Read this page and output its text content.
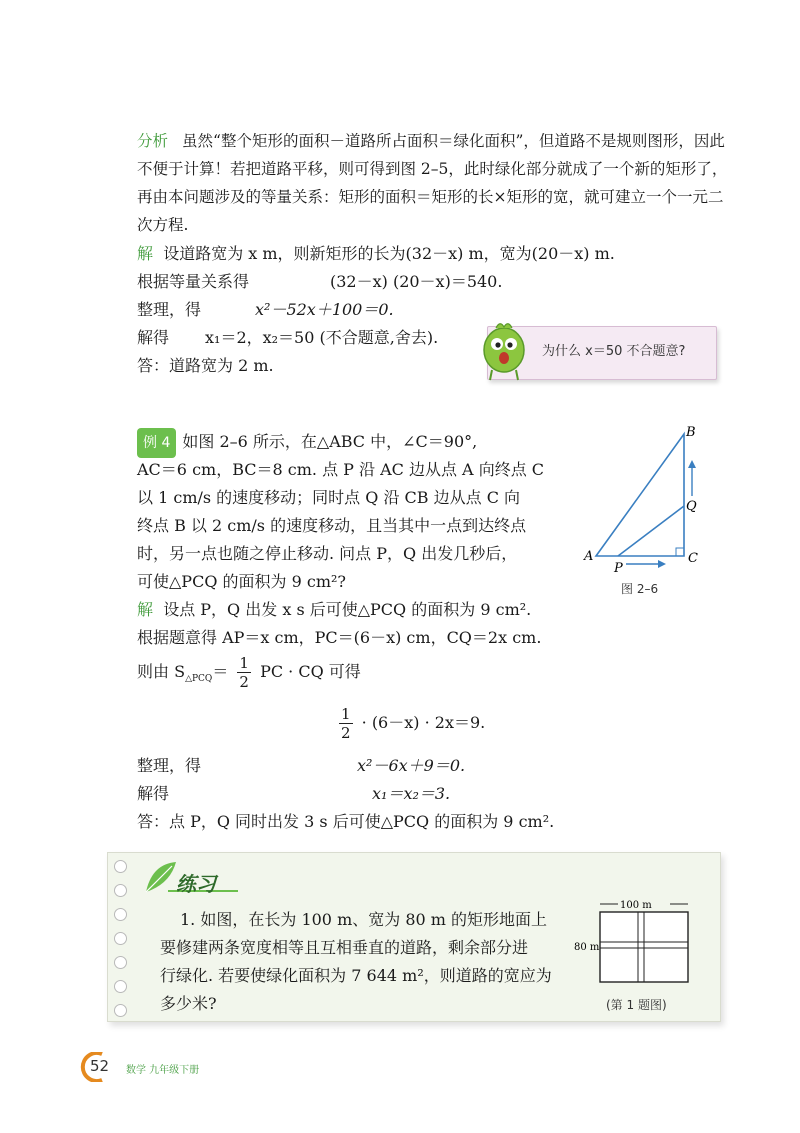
分析 虽然“整个矩形的面积－道路所占面积＝绿化面积”，但道路不是规则图形，因此不便于计算！若把道路平移，则可得到图 2–5，此时绿化部分就成了一个新的矩形了，再由本问题涉及的等量关系：矩形的面积＝矩形的长×矩形的宽，就可建立一个一元二次方程.
解 设道路宽为 x m，则新矩形的长为(32－x) m，宽为(20－x) m.
根据等量关系得	(32－x) (20－x)＝540.
整理，得	x²－52x＋100＝0.
解得 x₁＝2，x₂＝50 (不合题意,舍去).
答：道路宽为 2 m.
为什么 x＝50 不合题意?
例 4 如图 2–6 所示，在△ABC 中，∠C＝90°,
AC＝6 cm，BC＝8 cm. 点 P 沿 AC 边从点 A 向终点 C
以 1 cm/s 的速度移动；同时点 Q 沿 CB 边从点 C 向
终点 B 以 2 cm/s 的速度移动，且当其中一点到达终点
时，另一点也随之停止移动. 问点 P，Q 出发几秒后，
可使△PCQ 的面积为 9 cm²?
A	C
B
Q
P
图 2–6
解 设点 P，Q 出发 x s 后可使△PCQ 的面积为 9 cm².
根据题意得 AP＝x cm，PC＝(6－x) cm，CQ＝2x cm.
则由 $S_{\triangle PCQ}= \frac{1}{2}$ PC · CQ 可得
$\frac{1}{2} \cdot (6-x) \cdot 2x=9$.
整理，得	x²－6x＋9＝0.
解得	x₁＝x₂＝3.
答：点 P，Q 同时出发 3 s 后可使△PCQ 的面积为 9 cm².
练习
1. 如图，在长为 100 m、宽为 80 m 的矩形地面上
要修建两条宽度相等且互相垂直的道路，剩余部分进
行绿化. 若要使绿化面积为 7 644 m²，则道路的宽应为
多少米?
100 m
80 m
(第 1 题图)
52 数学 九年级下册
